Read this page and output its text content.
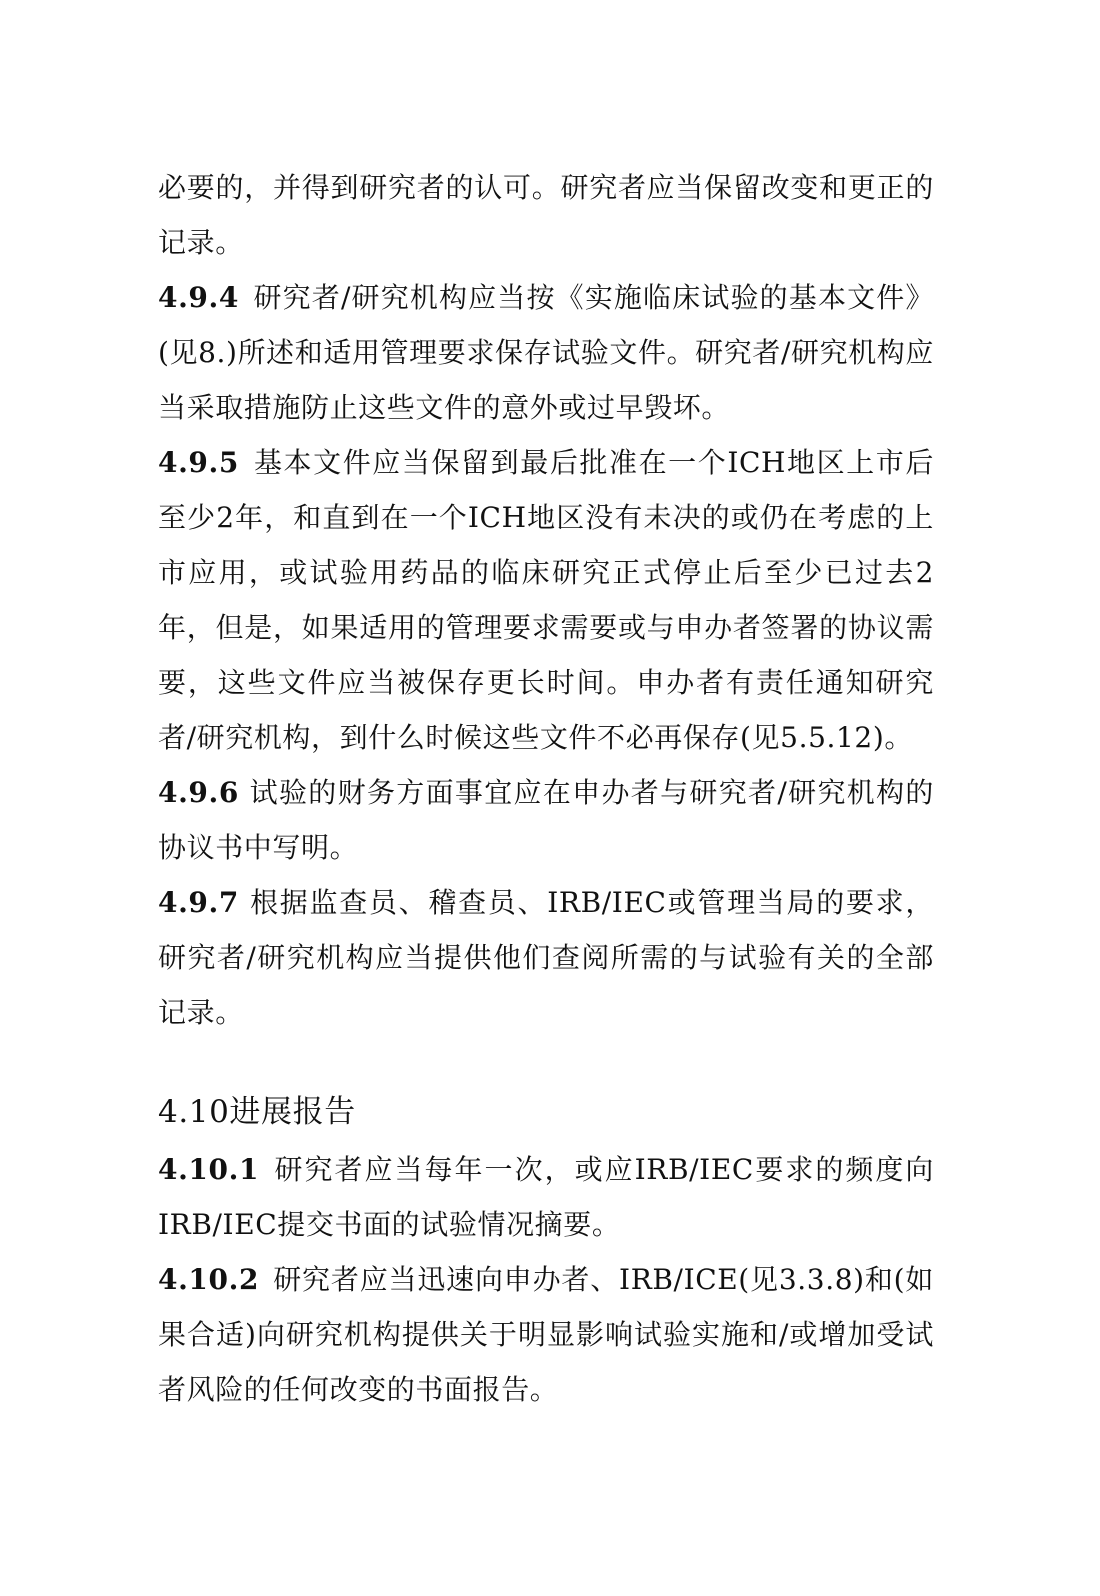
必要的，并得到研究者的认可。研究者应当保留改变和更正的记录。

4.9.4 研究者/研究机构应当按《实施临床试验的基本文件》(见8.)所述和适用管理要求保存试验文件。研究者/研究机构应当采取措施防止这些文件的意外或过早毁坏。

4.9.5 基本文件应当保留到最后批准在一个ICH地区上市后至少2年，和直到在一个ICH地区没有未决的或仍在考虑的上市应用，或试验用药品的临床研究正式停止后至少已过去2年，但是，如果适用的管理要求需要或与申办者签署的协议需要，这些文件应当被保存更长时间。申办者有责任通知研究者/研究机构，到什么时候这些文件不必再保存(见5.5.12)。

4.9.6 试验的财务方面事宜应在申办者与研究者/研究机构的协议书中写明。

4.9.7 根据监查员、稽查员、IRB/IEC或管理当局的要求，研究者/研究机构应当提供他们查阅所需的与试验有关的全部记录。

4.10进展报告

4.10.1 研究者应当每年一次，或应IRB/IEC要求的频度向IRB/IEC提交书面的试验情况摘要。

4.10.2 研究者应当迅速向申办者、IRB/ICE(见3.3.8)和(如果合适)向研究机构提供关于明显影响试验实施和/或增加受试者风险的任何改变的书面报告。
